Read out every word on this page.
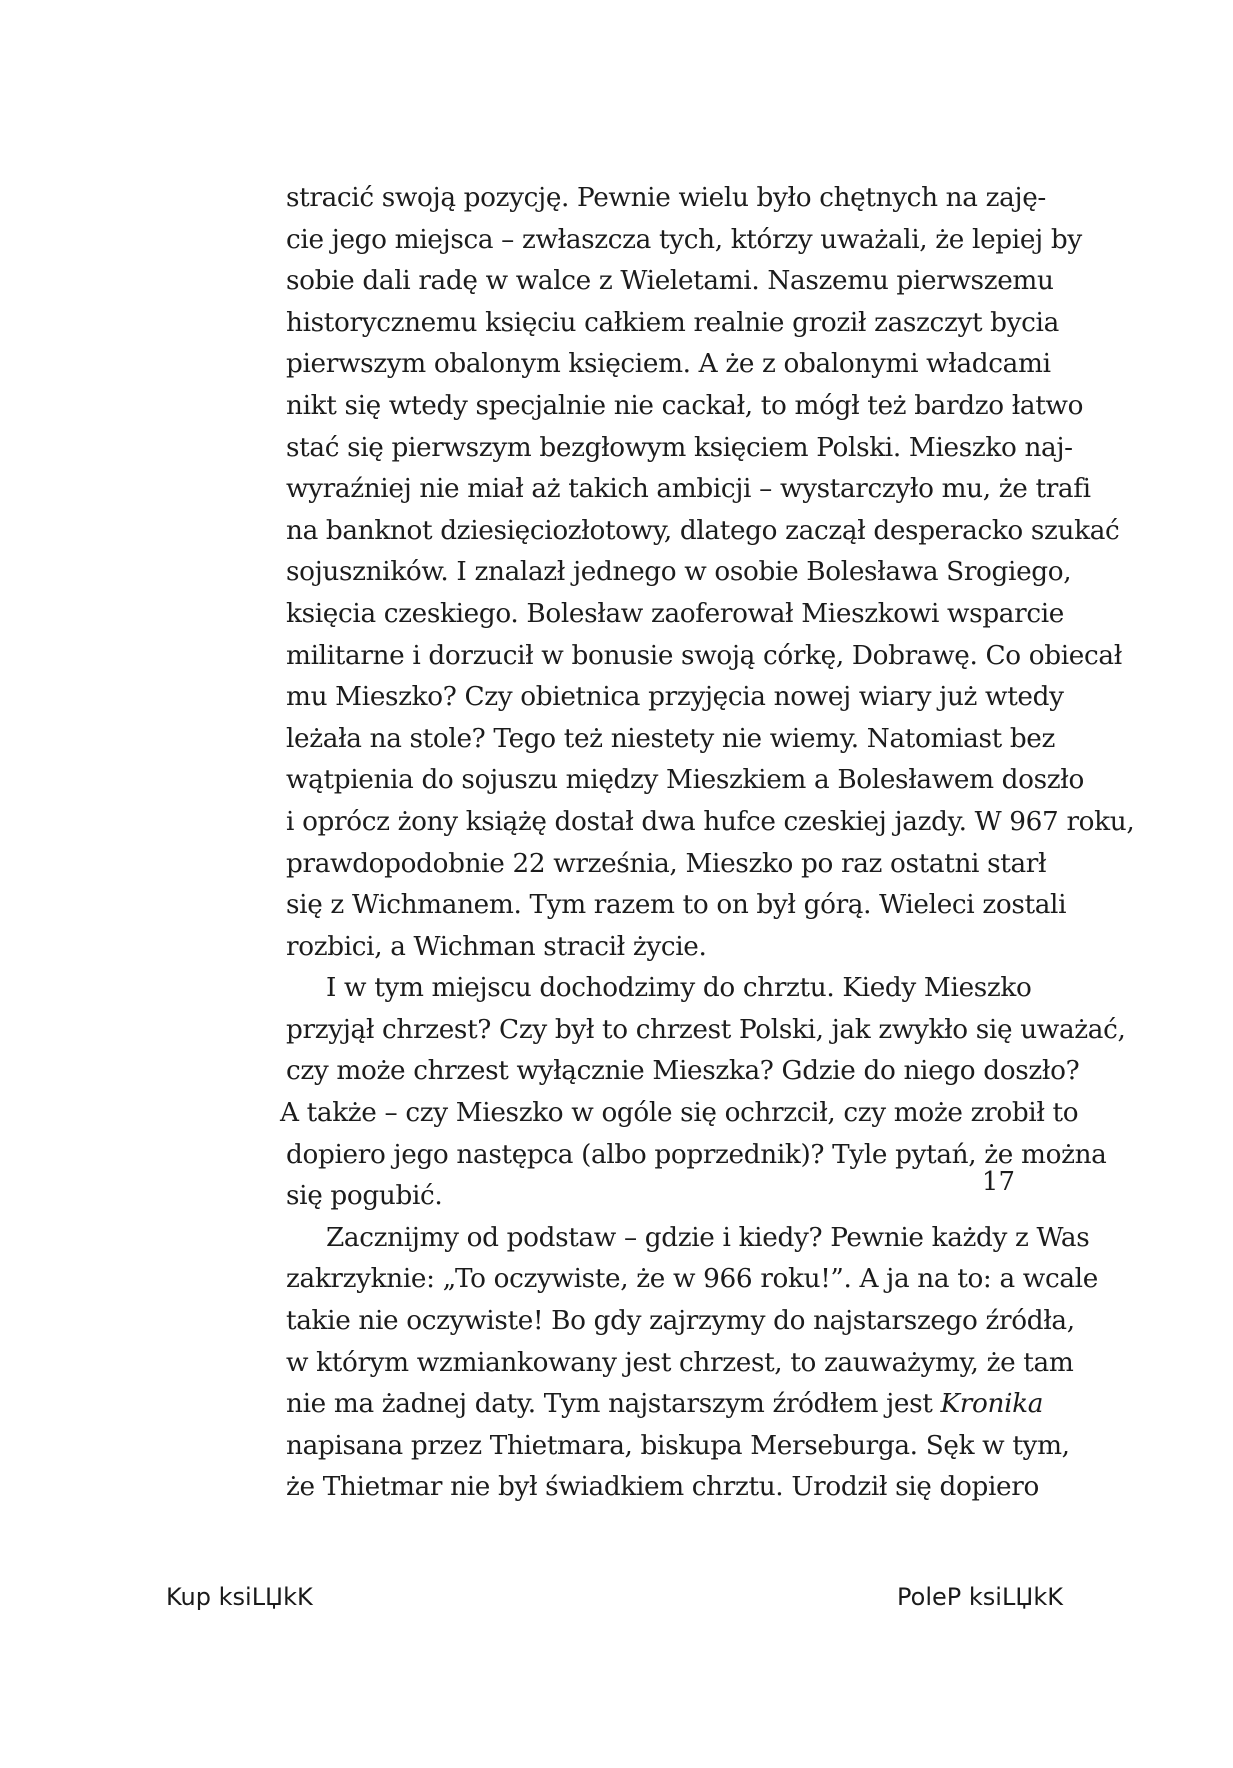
stracić swoją pozycję. Pewnie wielu było chętnych na zaję-
cie jego miejsca – zwłaszcza tych, którzy uważali, że lepiej by
sobie dali radę w walce z Wieletami. Naszemu pierwszemu
historycznemu księciu całkiem realnie groził zaszczyt bycia
pierwszym obalonym księciem. A że z obalonymi władcami
nikt się wtedy specjalnie nie cackał, to mógł też bardzo łatwo
stać się pierwszym bezgłowym księciem Polski. Mieszko naj-
wyraźniej nie miał aż takich ambicji – wystarczyło mu, że trafi
na banknot dziesięciozłotowy, dlatego zaczął desperacko szukać
sojuszników. I znalazł jednego w osobie Bolesława Srogiego,
księcia czeskiego. Bolesław zaoferował Mieszkowi wsparcie
militarne i dorzucił w bonusie swoją córkę, Dobrawę. Co obiecał
mu Mieszko? Czy obietnica przyjęcia nowej wiary już wtedy
leżała na stole? Tego też niestety nie wiemy. Natomiast bez
wątpienia do sojuszu między Mieszkiem a Bolesławem doszło
i oprócz żony książę dostał dwa hufce czeskiej jazdy. W 967 roku,
prawdopodobnie 22 września, Mieszko po raz ostatni starł
się z Wichmanem. Tym razem to on był górą. Wieleci zostali
rozbici, a Wichman stracił życie.
I w tym miejscu dochodzimy do chrztu. Kiedy Mieszko
przyjął chrzest? Czy był to chrzest Polski, jak zwykło się uważać,
czy może chrzest wyłącznie Mieszka? Gdzie do niego doszło?
A także – czy Mieszko w ogóle się ochrzcił, czy może zrobił to
dopiero jego następca (albo poprzednik)? Tyle pytań, że można
się pogubić.
Zacznijmy od podstaw – gdzie i kiedy? Pewnie każdy z Was
zakrzyknie: „To oczywiste, że w 966 roku!”. A ja na to: a wcale
takie nie oczywiste! Bo gdy zajrzymy do najstarszego źródła,
w którym wzmiankowany jest chrzest, to zauważymy, że tam
nie ma żadnej daty. Tym najstarszym źródłem jest Kronika
napisana przez Thietmara, biskupa Merseburga. Sęk w tym,
że Thietmar nie był świadkiem chrztu. Urodził się dopiero
17
Kup ksiLЏkK	PoleP ksiLЏkK
